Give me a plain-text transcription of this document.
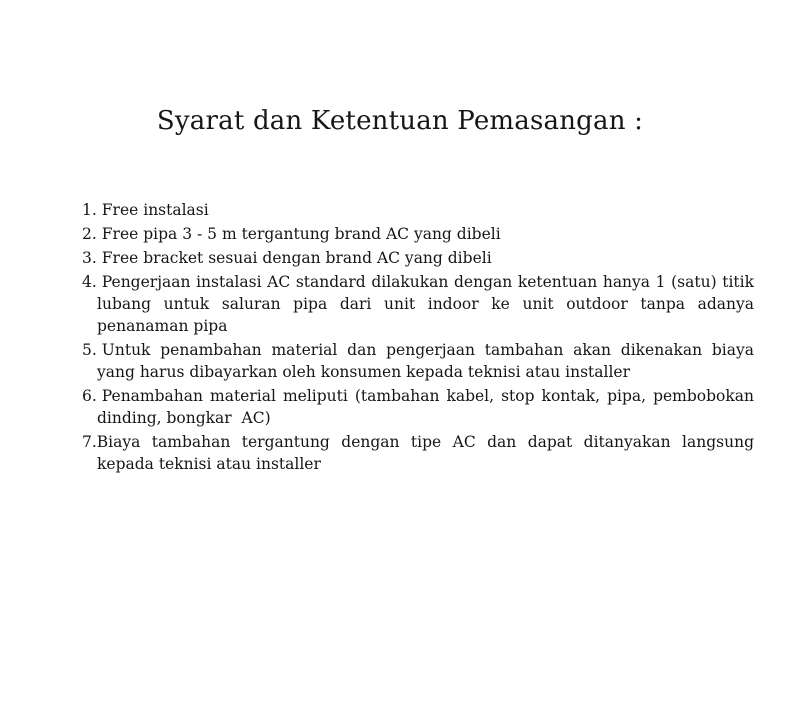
Syarat dan Ketentuan Pemasangan :
1. Free instalasi
2. Free pipa 3 - 5 m tergantung brand AC yang dibeli
3. Free bracket sesuai dengan brand AC yang dibeli
4. Pengerjaan instalasi AC standard dilakukan dengan ketentuan hanya 1 (satu) titik lubang untuk saluran pipa dari unit indoor ke unit outdoor tanpa adanya penanaman pipa
5. Untuk penambahan material dan pengerjaan tambahan akan dikenakan biaya yang harus dibayarkan oleh konsumen kepada teknisi atau installer
6. Penambahan material meliputi (tambahan kabel, stop kontak, pipa, pembobokan dinding, bongkar  AC)
7.Biaya tambahan tergantung dengan tipe AC dan dapat ditanyakan langsung kepada teknisi atau installer
